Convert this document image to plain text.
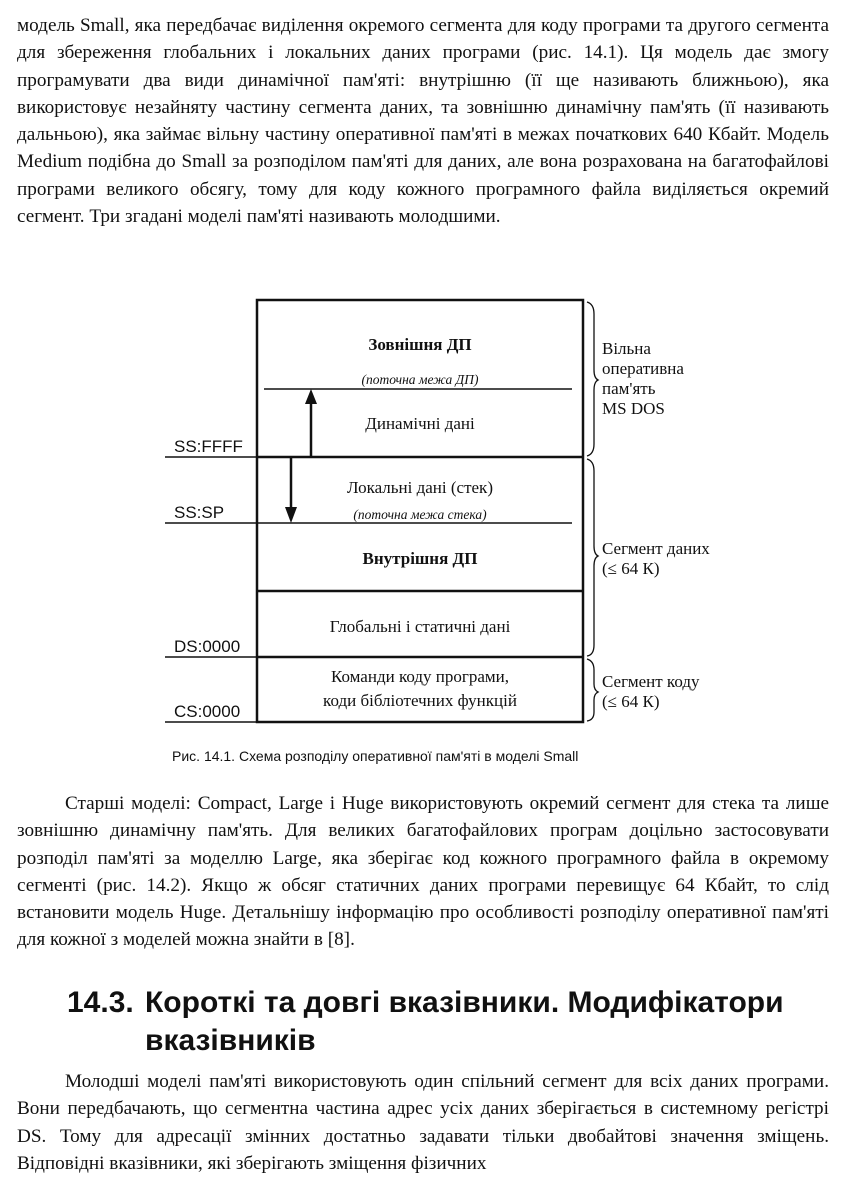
модель Small, яка передбачає виділення окремого сегмента для коду програми та другого сегмента для збереження глобальних і локальних даних програми (рис. 14.1). Ця модель дає змогу програмувати два види динамічної пам'яті: внутрішню (її ще називають ближньою), яка використовує незайняту частину сегмента даних, та зовнішню динамічну пам'ять (її називають дальньою), яка займає вільну частину оперативної пам'яті в межах початкових 640 Кбайт. Модель Medium подібна до Small за розподілом пам'яті для даних, але вона розрахована на багатофайлові програми великого обсягу, тому для коду кожного програмного файла виділяється окремий сегмент. Три згадані моделі пам'яті називають молодшими.

Зовнішня ДП
(поточна межа ДП)
Динамічні дані
Локальні дані (стек)
(поточна межа стека)
Внутрішня ДП
Глобальні і статичні дані
Команди коду програми,
коди бібліотечних функцій
SS:FFFF
SS:SP
DS:0000
CS:0000
Вільна
оперативна
пам'ять
MS DOS
Сегмент даних
(≤ 64 К)
Сегмент коду
(≤ 64 К)
Рис. 14.1. Схема розподілу оперативної пам'яті в моделі Small

Старші моделі: Compact, Large і Huge використовують окремий сегмент для стека та лише зовнішню динамічну пам'ять. Для великих багатофайлових програм доцільно застосовувати розподіл пам'яті за моделлю Large, яка зберігає код кожного програмного файла в окремому сегменті (рис. 14.2). Якщо ж обсяг статичних даних програми перевищує 64 Кбайт, то слід встановити модель Huge. Детальнішу інформацію про особливості розподілу оперативної пам'яті для кожної з моделей можна знайти в [8].

14.3. Короткі та довгі вказівники. Модифікатори
вказівників

Молодші моделі пам'яті використовують один спільний сегмент для всіх даних програми. Вони передбачають, що сегментна частина адрес усіх даних зберігається в системному регістрі DS. Тому для адресації змінних достатньо задавати тільки двобайтові значення зміщень. Відповідні вказівники, які зберігають зміщення фізичних
